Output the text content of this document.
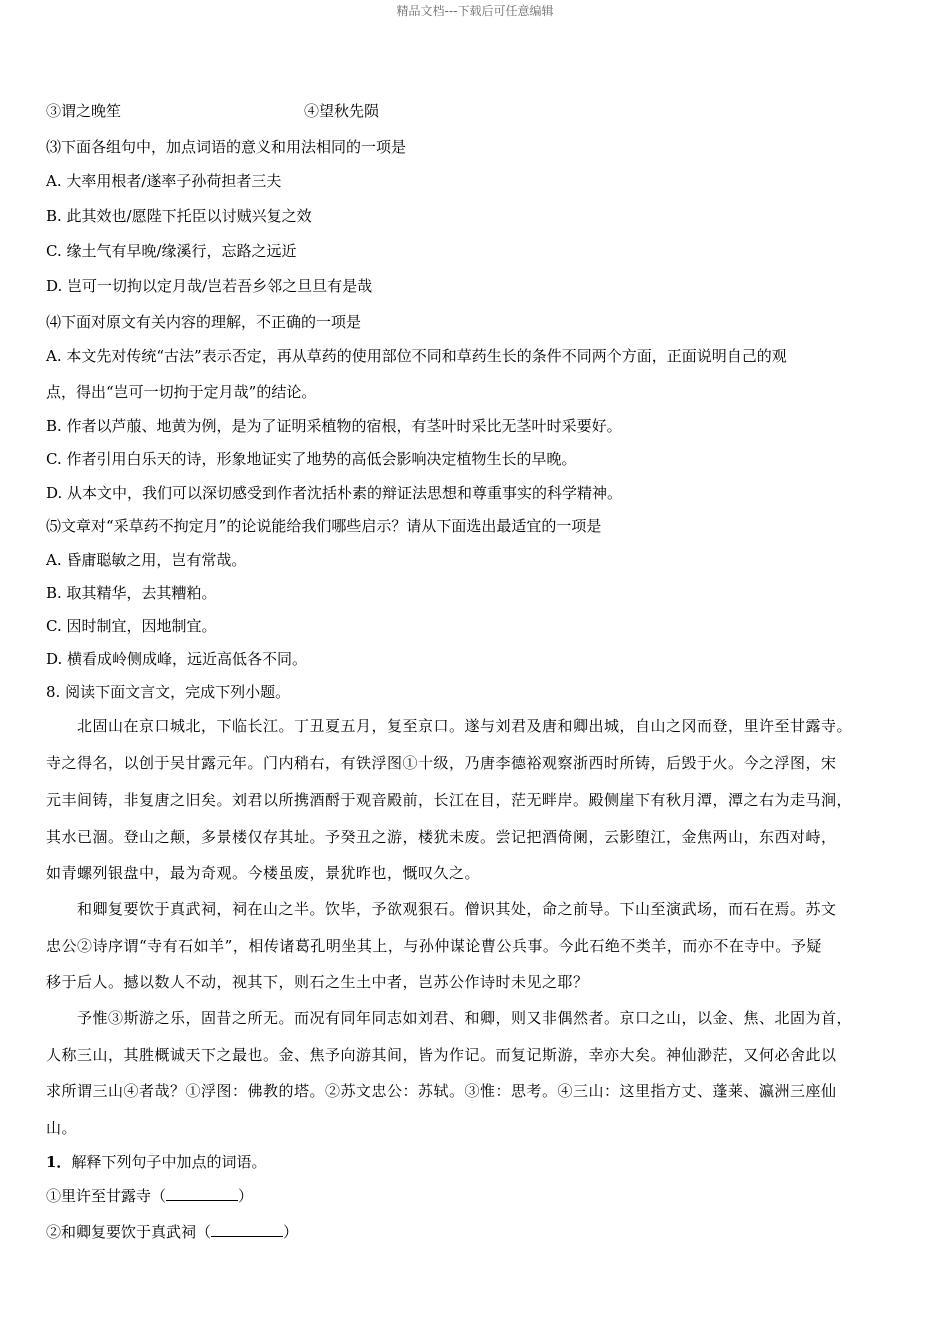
精品文档---下载后可任意编辑
③谓之晚笙	④望秋先陨
⑶下面各组句中，加点词语的意义和用法相同的一项是
A. 大率用根者/遂率子孙荷担者三夫
B. 此其效也/愿陛下托臣以讨贼兴复之效
C. 缘土气有早晚/缘溪行，忘路之远近
D. 岂可一切拘以定月哉/岂若吾乡邻之旦旦有是哉
⑷下面对原文有关内容的理解，不正确的一项是
A. 本文先对传统“古法”表示否定，再从草药的使用部位不同和草药生长的条件不同两个方面，正面说明自己的观
点，得出“岂可一切拘于定月哉”的结论。
B. 作者以芦菔、地黄为例，是为了证明采植物的宿根，有茎叶时采比无茎叶时采要好。
C. 作者引用白乐天的诗，形象地证实了地势的高低会影响决定植物生长的早晚。
D. 从本文中，我们可以深切感受到作者沈括朴素的辩证法思想和尊重事实的科学精神。
⑸文章对“采草药不拘定月”的论说能给我们哪些启示？请从下面选出最适宜的一项是
A. 昏庸聪敏之用，岂有常哉。
B. 取其精华，去其糟粕。
C. 因时制宜，因地制宜。
D. 横看成岭侧成峰，远近高低各不同。
8. 阅读下面文言文，完成下列小题。
　　北固山在京口城北，下临长江。丁丑夏五月，复至京口。遂与刘君及唐和卿出城，自山之冈而登，里许至甘露寺。
寺之得名，以创于吴甘露元年。门内稍右，有铁浮图①十级，乃唐李德裕观察浙西时所铸，后毁于火。今之浮图，宋
元丰间铸，非复唐之旧矣。刘君以所携酒酹于观音殿前，长江在目，茫无畔岸。殿侧崖下有秋月潭，潭之右为走马涧，
其水已涸。登山之颠，多景楼仅存其址。予癸丑之游，楼犹未废。尝记把酒倚阑，云影堕江，金焦两山，东西对峙，
如青螺列银盘中，最为奇观。今楼虽废，景犹昨也，慨叹久之。
　　和卿复要饮于真武祠，祠在山之半。饮毕，予欲观狠石。僧识其处，命之前导。下山至演武场，而石在焉。苏文
忠公②诗序谓“寺有石如羊”，相传诸葛孔明坐其上，与孙仲谋论曹公兵事。今此石绝不类羊，而亦不在寺中。予疑
移于后人。撼以数人不动，视其下，则石之生土中者，岂苏公作诗时未见之耶？
　　予惟③斯游之乐，固昔之所无。而况有同年同志如刘君、和卿，则又非偶然者。京口之山，以金、焦、北固为首，
人称三山，其胜概诚天下之最也。金、焦予向游其间，皆为作记。而复记斯游，幸亦大矣。神仙渺茫，又何必舍此以
求所谓三山④者哉？①浮图：佛教的塔。②苏文忠公：苏轼。③惟：思考。④三山：这里指方丈、蓬莱、瀛洲三座仙
山。
1．解释下列句子中加点的词语。
①里许至甘露寺（	）
②和卿复要饮于真武祠（	）
